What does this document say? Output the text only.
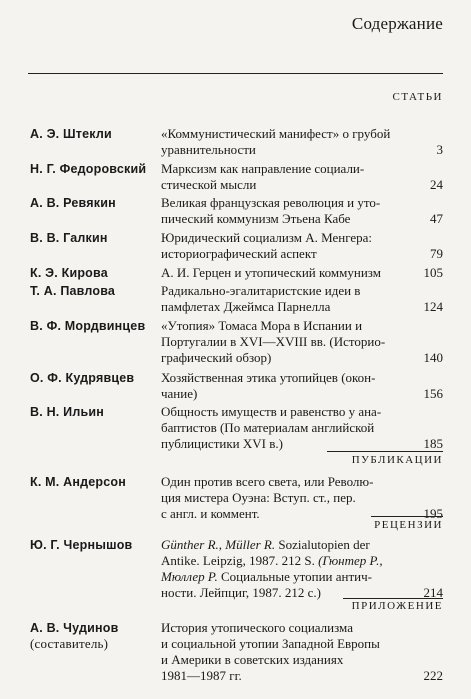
Содержание
СТАТЬИ
А. Э. Штекли	«Коммунистический манифест» о грубой
уравнительности	3
Н. Г. Федоровский	Марксизм как направление социали-
стической мысли	24
А. В. Ревякин	Великая французская революция и уто-
пический коммунизм Этьена Кабе	47
В. В. Галкин	Юридический социализм А. Менгера:
историографический аспект	79
К. Э. Кирова	А. И. Герцен и утопический коммунизм	105
Т. А. Павлова	Радикально-эгалитаристские идеи в
памфлетах Джеймса Парнелла	124
В. Ф. Мордвинцев	«Утопия» Томаса Мора в Испании и
Португалии в XVI—XVIII вв. (Историо-
графический обзор)	140
О. Ф. Кудрявцев	Хозяйственная этика утопийцев (окон-
чание)	156
В. Н. Ильин	Общность имуществ и равенство у ана-
баптистов (По материалам английской
публицистики XVI в.)	185
ПУБЛИКАЦИИ
К. М. Андерсон	Один против всего света, или Револю-
ция мистера Оуэна: Вступ. ст., пер.
с англ. и коммент.	195
РЕЦЕНЗИИ
Ю. Г. Чернышов	Günther R., Müller R. Sozialutopien der
Antike. Leipzig, 1987. 212 S. (Гюнтер Р.,
Мюллер Р. Социальные утопии антич-
ности. Лейпциг, 1987. 212 с.)	214
ПРИЛОЖЕНИЕ
А. В. Чудинов
(составитель)
История утопического социализма
и социальной утопии Западной Европы
и Америки в советских изданиях
1981—1987 гг.	222
